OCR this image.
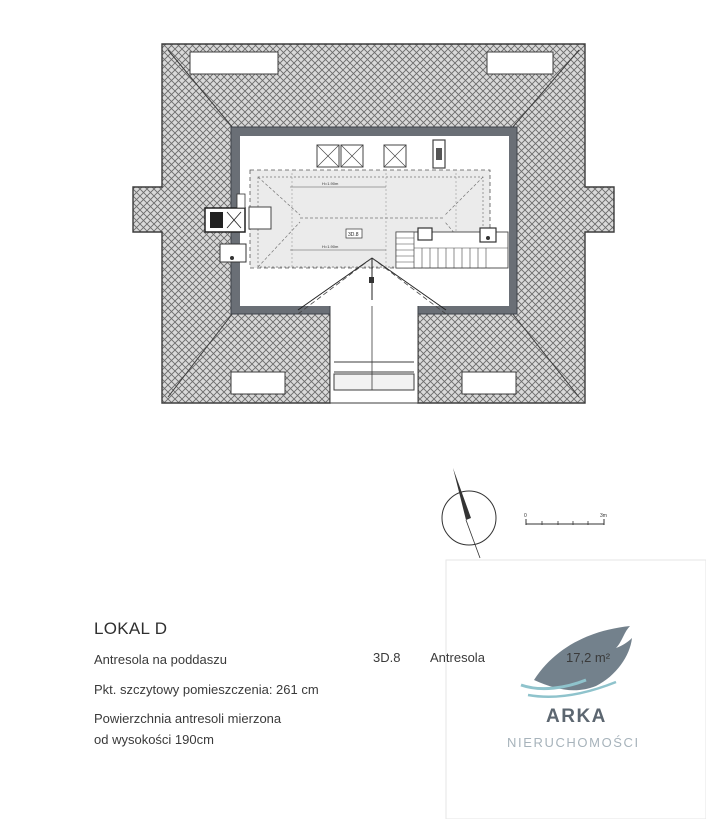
H=1.90m
H=1.90m
3D.8
0	3m
LOKAL D
Antresola na poddaszu
Pkt. szczytowy pomieszczenia: 261 cm
Powierzchnia antresoli mierzona
od wysokości 190cm
3D.8 Antresola	17,2 m²
ARKA
NIERUCHOMOŚCI
